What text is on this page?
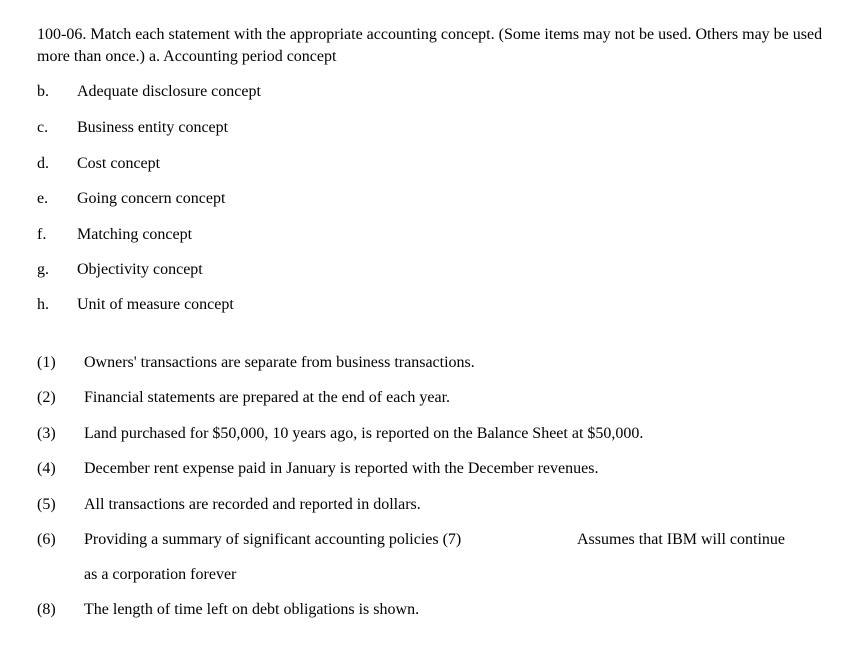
100-06. Match each statement with the appropriate accounting concept. (Some items may not be used. Others may be used more than once.) a. Accounting period concept
b. Adequate disclosure concept
c. Business entity concept
d. Cost concept
e. Going concern concept
f. Matching concept
g. Objectivity concept
h. Unit of measure concept
(1) Owners' transactions are separate from business transactions.
(2) Financial statements are prepared at the end of each year.
(3) Land purchased for $50,000, 10 years ago, is reported on the Balance Sheet at $50,000.
(4) December rent expense paid in January is reported with the December revenues.
(5) All transactions are recorded and reported in dollars.
(6) Providing a summary of significant accounting policies (7)	Assumes that IBM will continue
as a corporation forever
(8) The length of time left on debt obligations is shown.
